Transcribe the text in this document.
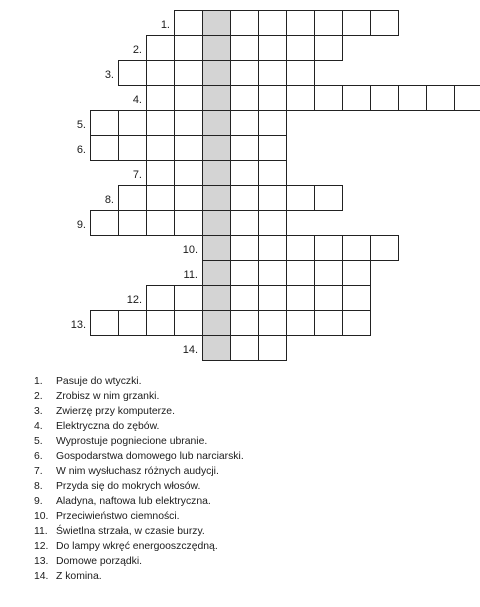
1.
2.
3.
4.
5.
6.
7.
8.
9.
10.
11.
12.
13.
14.
1.	Pasuje do wtyczki.
2.	Zrobisz w nim grzanki.
3.	Zwierzę przy komputerze.
4.	Elektryczna do zębów.
5.	Wyprostuje pogniecione ubranie.
6.	Gospodarstwa domowego lub narciarski.
7.	W nim wysłuchasz różnych audycji.
8.	Przyda się do mokrych włosów.
9.	Aladyna, naftowa lub elektryczna.
10. Przeciwieństwo ciemności.
11. Świetlna strzała, w czasie burzy.
12. Do lampy wkręć energooszczędną.
13. Domowe porządki.
14. Z komina.
